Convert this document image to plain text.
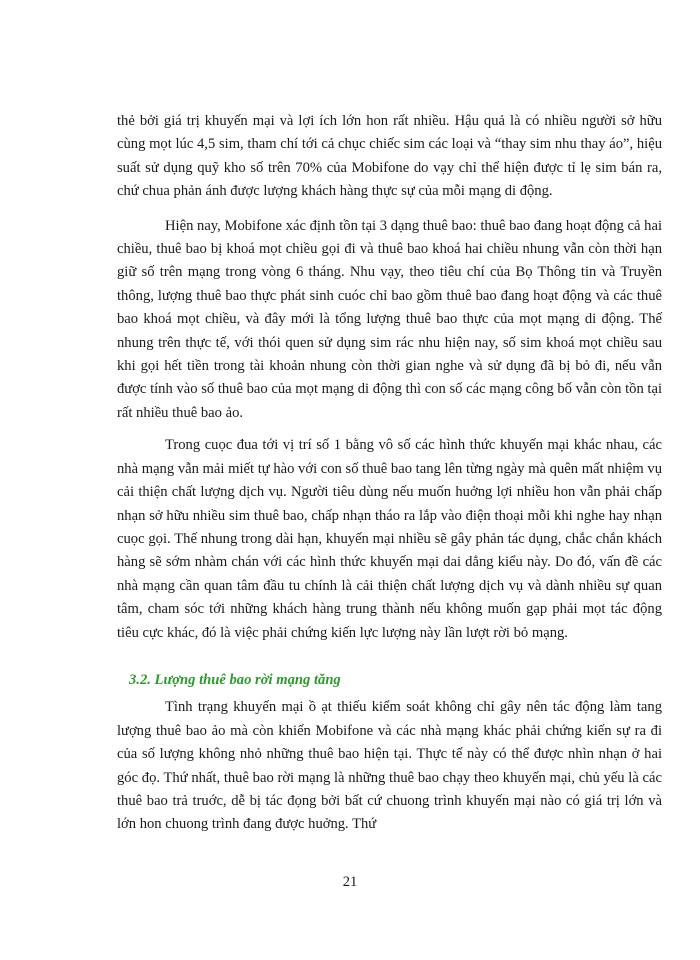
thẻ bởi giá trị khuyến mại và lợi ích lớn hon rất nhiều. Hậu quả là có nhiều người sở hữu cùng mọt lúc 4,5 sim, tham chí tới cả chục chiếc sim các loại và “thay sim nhu thay áo”, hiệu suất sử dụng quỹ kho số trên 70% của Mobifone do vạy chỉ thể hiện được tỉ lẹ sim bán ra, chứ chua phản ánh được lượng khách hàng thực sự của mỗi mạng di động.

Hiện nay, Mobifone xác định tồn tại 3 dạng thuê bao: thuê bao đang hoạt động cả hai chiều, thuê bao bị khoá mọt chiều gọi đi và thuê bao khoá hai chiều nhung vẫn còn thời hạn giữ số trên mạng trong vòng 6 tháng. Nhu vạy, theo tiêu chí của Bọ Thông tin và Truyền thông, lượng thuê bao thực phát sinh cuóc chỉ bao gồm thuê bao đang hoạt động và các thuê bao khoá mọt chiều, và đây mới là tổng lượng thuê bao thực của mọt mạng di động. Thế nhung trên thực tế, với thói quen sử dụng sim rác nhu hiện nay, số sim khoá mọt chiều sau khi gọi hết tiền trong tài khoản nhung còn thời gian nghe và sử dụng đã bị bỏ đi, nếu vẫn được tính vào số thuê bao của mọt mạng di động thì con số các mạng công bố vẫn còn tồn tại rất nhiều thuê bao ảo.

Trong cuọc đua tới vị trí số 1 bằng vô số các hình thức khuyến mại khác nhau, các nhà mạng vẫn mải miết tự hào với con số thuê bao tang lên từng ngày mà quên mất nhiệm vụ cải thiện chất lượng dịch vụ. Người tiêu dùng nếu muốn huởng lợi nhiều hon vẫn phải chấp nhạn sở hữu nhiều sim thuê bao, chấp nhạn tháo ra lắp vào điện thoại mỗi khi nghe hay nhạn cuọc gọi. Thế nhung trong dài hạn, khuyến mại nhiều sẽ gây phản tác dụng, chắc chắn khách hàng sẽ sớm nhàm chán với các hình thức khuyến mại dai dẳng kiểu này. Do đó, vấn đề các nhà mạng cần quan tâm đầu tu chính là cải thiện chất lượng dịch vụ và dành nhiều sự quan tâm, cham sóc tới những khách hàng trung thành nếu không muốn gạp phải mọt tác động tiêu cực khác, đó là việc phải chứng kiến lực lượng này lần lượt rời bỏ mạng.

3.2. Lượng thuê bao rời mạng tăng

Tình trạng khuyến mại ồ ạt thiếu kiểm soát không chỉ gây nên tác động làm tang lượng thuê bao ảo mà còn khiến Mobifone và các nhà mạng khác phải chứng kiến sự ra đi của số lượng không nhỏ những thuê bao hiện tại. Thực tế này có thể được nhìn nhạn ở hai góc đọ. Thứ nhất, thuê bao rời mạng là những thuê bao chạy theo khuyến mại, chủ yếu là các thuê bao trả truớc, dễ bị tác đọng bởi bất cứ chuong trình khuyến mại nào có giá trị lớn và lớn hon chuong trình đang được huởng. Thứ

21
